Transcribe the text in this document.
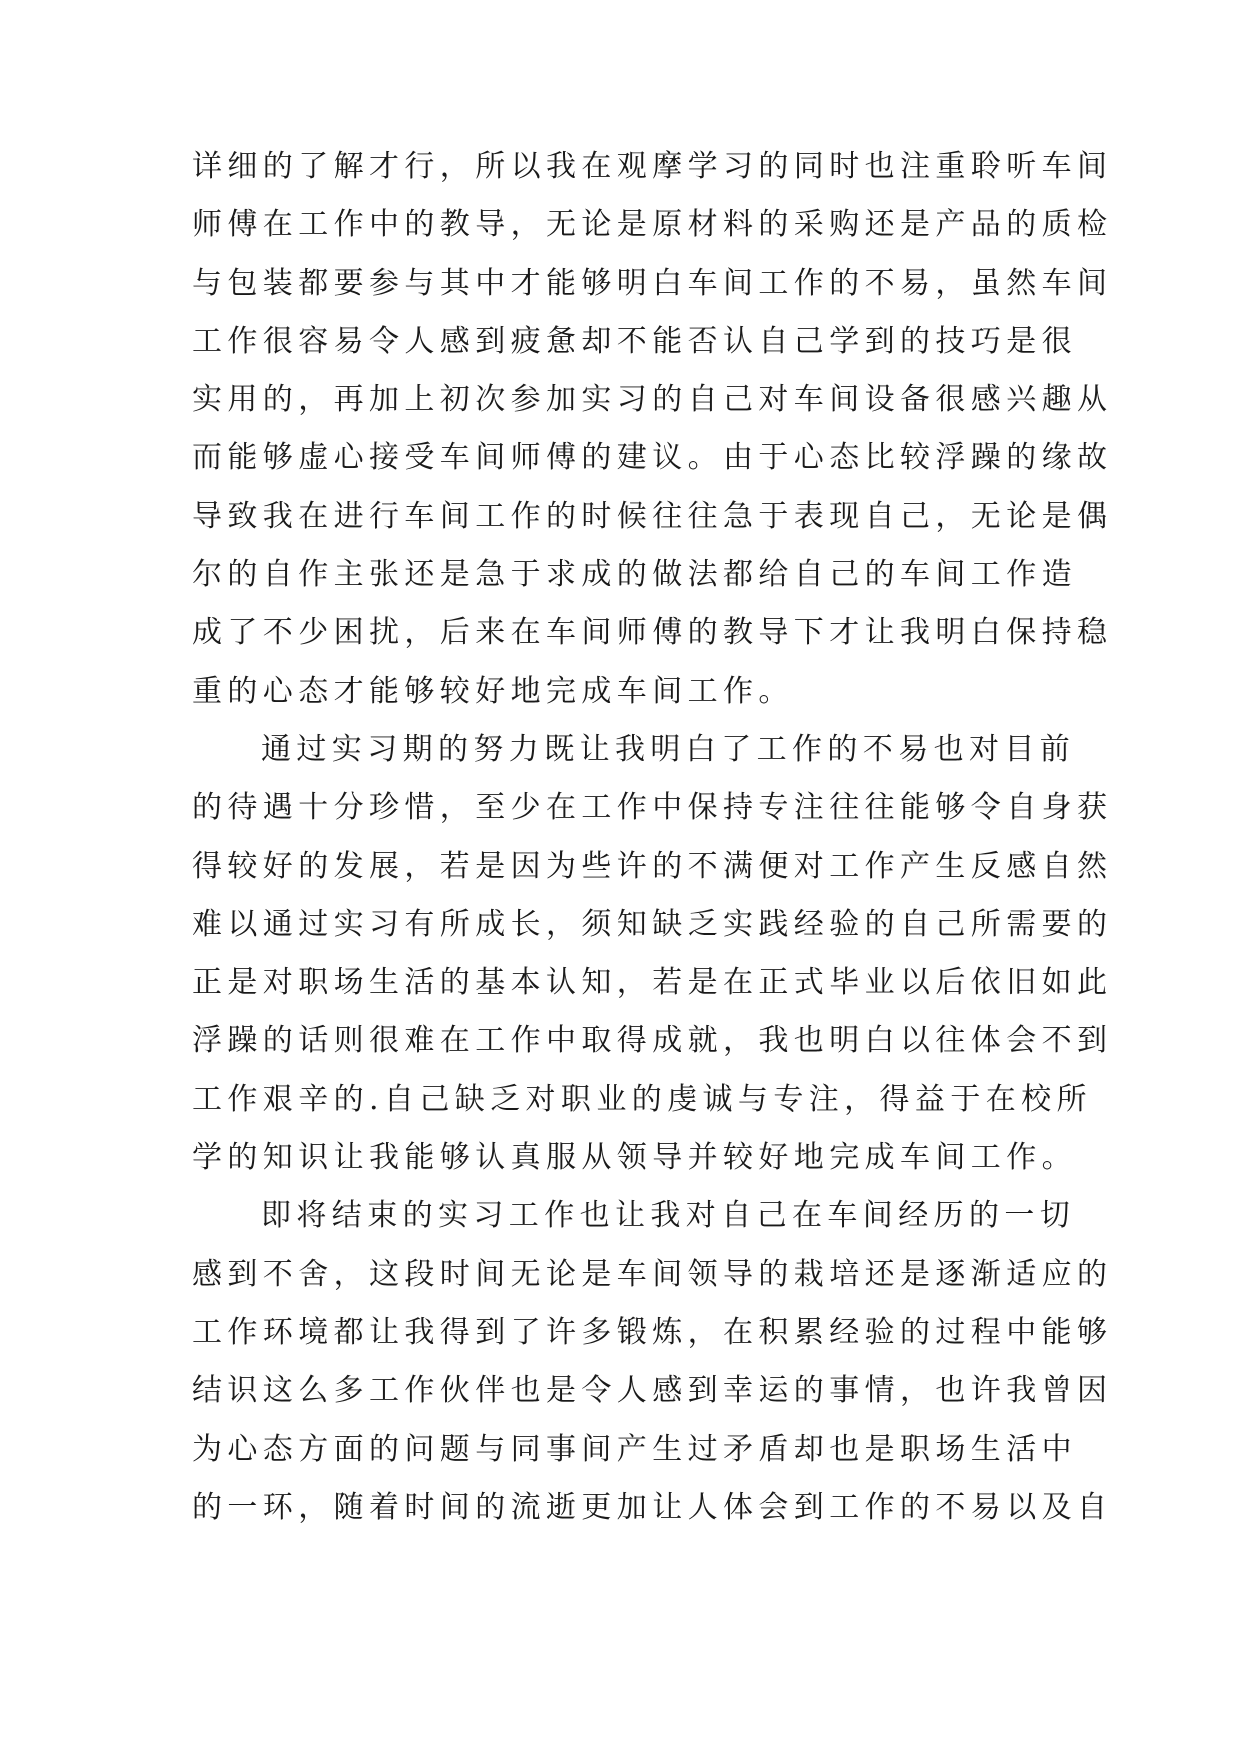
详细的了解才行，所以我在观摩学习的同时也注重聆听车间
师傅在工作中的教导，无论是原材料的采购还是产品的质检
与包装都要参与其中才能够明白车间工作的不易，虽然车间
工作很容易令人感到疲惫却不能否认自己学到的技巧是很
实用的，再加上初次参加实习的自己对车间设备很感兴趣从
而能够虚心接受车间师傅的建议。由于心态比较浮躁的缘故
导致我在进行车间工作的时候往往急于表现自己，无论是偶
尔的自作主张还是急于求成的做法都给自己的车间工作造
成了不少困扰，后来在车间师傅的教导下才让我明白保持稳
重的心态才能够较好地完成车间工作。
通过实习期的努力既让我明白了工作的不易也对目前
的待遇十分珍惜，至少在工作中保持专注往往能够令自身获
得较好的发展，若是因为些许的不满便对工作产生反感自然
难以通过实习有所成长，须知缺乏实践经验的自己所需要的
正是对职场生活的基本认知，若是在正式毕业以后依旧如此
浮躁的话则很难在工作中取得成就，我也明白以往体会不到
工作艰辛的.自己缺乏对职业的虔诚与专注，得益于在校所
学的知识让我能够认真服从领导并较好地完成车间工作。
即将结束的实习工作也让我对自己在车间经历的一切
感到不舍，这段时间无论是车间领导的栽培还是逐渐适应的
工作环境都让我得到了许多锻炼，在积累经验的过程中能够
结识这么多工作伙伴也是令人感到幸运的事情，也许我曾因
为心态方面的问题与同事间产生过矛盾却也是职场生活中
的一环，随着时间的流逝更加让人体会到工作的不易以及自
